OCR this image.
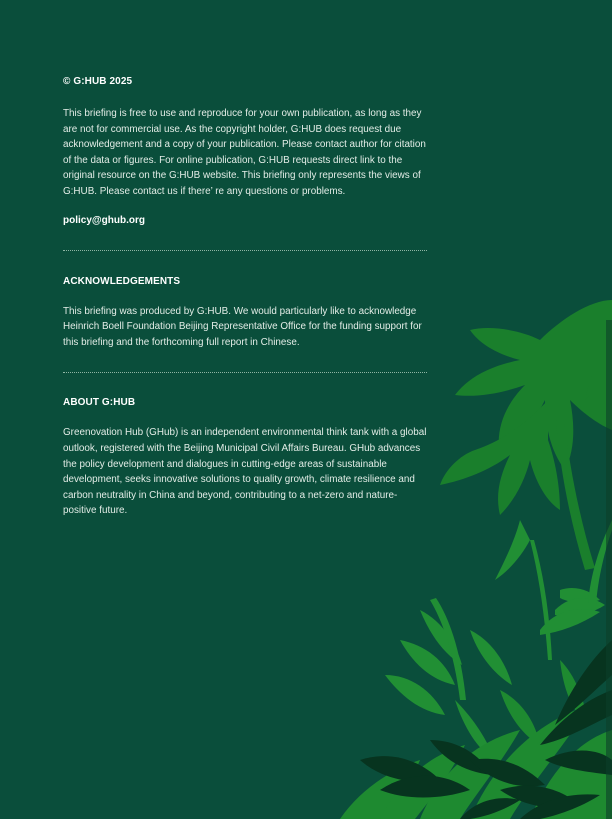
© G:HUB 2025

This briefing is free to use and reproduce for your own publication, as long as they are not for commercial use. As the copyright holder, G:HUB does request due acknowledgement and a copy of your publication. Please contact author for citation of the data or figures. For online publication, G:HUB requests direct link to the original resource on the G:HUB website. This briefing only represents the views of G:HUB. Please contact us if there’ re any questions or problems.

policy@ghub.org

ACKNOWLEDGEMENTS

This briefing was produced by G:HUB. We would particularly like to acknowledge Heinrich Boell Foundation Beijing Representative Office for the funding support for this briefing and the forthcoming full report in Chinese.

ABOUT G:HUB

Greenovation Hub (GHub) is an independent environmental think tank with a global outlook, registered with the Beijing Municipal Civil Affairs Bureau. GHub advances the policy development and dialogues in cutting-edge areas of sustainable development, seeks innovative solutions to quality growth, climate resilience and carbon neutrality in China and beyond, contributing to a net-zero and nature-positive future.
